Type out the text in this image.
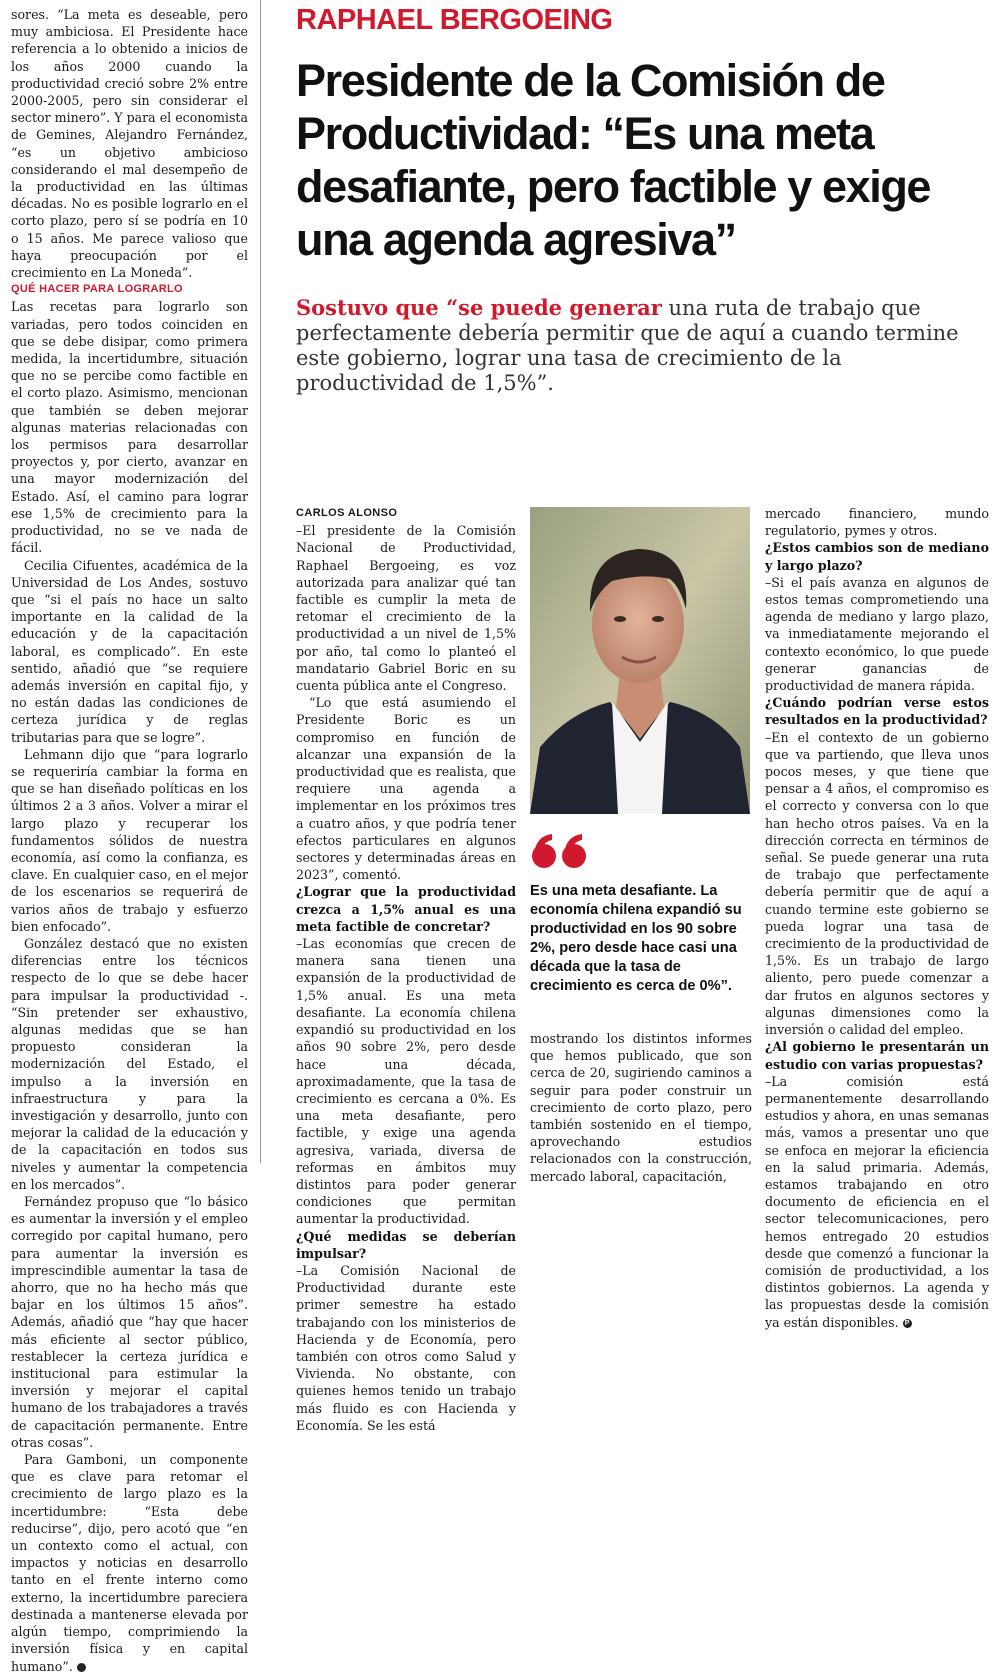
sores. “La meta es deseable, pero muy ambiciosa. El Presidente hace referencia a lo obtenido a inicios de los años 2000 cuando la productividad creció sobre 2% entre 2000-2005, pero sin considerar el sector minero”. Y para el economista de Gemines, Alejandro Fernández, “es un objetivo ambicioso considerando el mal desempeño de la productividad en las últimas décadas. No es posible lograrlo en el corto plazo, pero sí se podría en 10 o 15 años. Me parece valioso que haya preocupación por el crecimiento en La Moneda”.

QUÉ HACER PARA LOGRARLO

Las recetas para lograrlo son variadas, pero todos coinciden en que se debe disipar, como primera medida, la incertidumbre, situación que no se percibe como factible en el corto plazo. Asimismo, mencionan que también se deben mejorar algunas materias relacionadas con los permisos para desarrollar proyectos y, por cierto, avanzar en una mayor modernización del Estado. Así, el camino para lograr ese 1,5% de crecimiento para la productividad, no se ve nada de fácil.

Cecilia Cifuentes, académica de la Universidad de Los Andes, sostuvo que “si el país no hace un salto importante en la calidad de la educación y de la capacitación laboral, es complicado”. En este sentido, añadió que “se requiere además inversión en capital fijo, y no están dadas las condiciones de certeza jurídica y de reglas tributarias para que se logre”.

Lehmann dijo que “para lograrlo se requeriría cambiar la forma en que se han diseñado políticas en los últimos 2 a 3 años. Volver a mirar el largo plazo y recuperar los fundamentos sólidos de nuestra economía, así como la confianza, es clave. En cualquier caso, en el mejor de los escenarios se requerirá de varios años de trabajo y esfuerzo bien enfocado”.

González destacó que no existen diferencias entre los técnicos respecto de lo que se debe hacer para impulsar la productividad -. “Sin pretender ser exhaustivo, algunas medidas que se han propuesto consideran la modernización del Estado, el impulso a la inversión en infraestructura y para la investigación y desarrollo, junto con mejorar la calidad de la educación y de la capacitación en todos sus niveles y aumentar la competencia en los mercados”.

Fernández propuso que “lo básico es aumentar la inversión y el empleo corregido por capital humano, pero para aumentar la inversión es imprescindible aumentar la tasa de ahorro, que no ha hecho más que bajar en los últimos 15 años”. Además, añadió que “hay que hacer más eficiente al sector público, restablecer la certeza jurídica e institucional para estimular la inversión y mejorar el capital humano de los trabajadores a través de capacitación permanente. Entre otras cosas”.

Para Gamboni, un componente que es clave para retomar el crecimiento de largo plazo es la incertidumbre: “Esta debe reducirse”, dijo, pero acotó que “en un contexto como el actual, con impactos y noticias en desarrollo tanto en el frente interno como externo, la incertidumbre pareciera destinada a mantenerse elevada por algún tiempo, comprimiendo la inversión física y en capital humano”. P

RAPHAEL BERGOEING
Presidente de la Comisión de Productividad: “Es una meta desafiante, pero factible y exige una agenda agresiva”

Sostuvo que “se puede generar una ruta de trabajo que perfectamente debería permitir que de aquí a cuando termine este gobierno, lograr una tasa de crecimiento de la productividad de 1,5%”.

CARLOS ALONSO

–El presidente de la Comisión Nacional de Productividad, Raphael Bergoeing, es voz autorizada para analizar qué tan factible es cumplir la meta de retomar el crecimiento de la productividad a un nivel de 1,5% por año, tal como lo planteó el mandatario Gabriel Boric en su cuenta pública ante el Congreso.

“Lo que está asumiendo el Presidente Boric es un compromiso en función de alcanzar una expansión de la productividad que es realista, que requiere una agenda a implementar en los próximos tres a cuatro años, y que podría tener efectos particulares en algunos sectores y determinadas áreas en 2023”, comentó.

¿Lograr que la productividad crezca a 1,5% anual es una meta factible de concretar?

–Las economías que crecen de manera sana tienen una expansión de la productividad de 1,5% anual. Es una meta desafiante. La economía chilena expandió su productividad en los años 90 sobre 2%, pero desde hace una década, aproximadamente, que la tasa de crecimiento es cercana a 0%. Es una meta desafiante, pero factible, y exige una agenda agresiva, variada, diversa de reformas en ámbitos muy distintos para poder generar condiciones que permitan aumentar la productividad.

¿Qué medidas se deberían impulsar?

–La Comisión Nacional de Productividad durante este primer semestre ha estado trabajando con los ministerios de Hacienda y de Economía, pero también con otros como Salud y Vivienda. No obstante, con quienes hemos tenido un trabajo más fluido es con Hacienda y Economía. Se les está

Es una meta desafiante. La economía chilena expandió su productividad en los 90 sobre 2%, pero desde hace casi una década que la tasa de crecimiento es cerca de 0%”.

mostrando los distintos informes que hemos publicado, que son cerca de 20, sugiriendo caminos a seguir para poder construir un crecimiento de corto plazo, pero también sostenido en el tiempo, aprovechando estudios relacionados con la construcción, mercado laboral, capacitación,

mercado financiero, mundo regulatorio, pymes y otros.

¿Estos cambios son de mediano y largo plazo?

–Si el país avanza en algunos de estos temas comprometiendo una agenda de mediano y largo plazo, va inmediatamente mejorando el contexto económico, lo que puede generar ganancias de productividad de manera rápida.

¿Cuándo podrían verse estos resultados en la productividad?

–En el contexto de un gobierno que va partiendo, que lleva unos pocos meses, y que tiene que pensar a 4 años, el compromiso es el correcto y conversa con lo que han hecho otros países. Va en la dirección correcta en términos de señal. Se puede generar una ruta de trabajo que perfectamente debería permitir que de aquí a cuando termine este gobierno se pueda lograr una tasa de crecimiento de la productividad de 1,5%. Es un trabajo de largo aliento, pero puede comenzar a dar frutos en algunos sectores y algunas dimensiones como la inversión o calidad del empleo.

¿Al gobierno le presentarán un estudio con varias propuestas?

–La comisión está permanentemente desarrollando estudios y ahora, en unas semanas más, vamos a presentar uno que se enfoca en mejorar la eficiencia en la salud primaria. Además, estamos trabajando en otro documento de eficiencia en el sector telecomunicaciones, pero hemos entregado 20 estudios desde que comenzó a funcionar la comisión de productividad, a los distintos gobiernos. La agenda y las propuestas desde la comisión ya están disponibles. P
